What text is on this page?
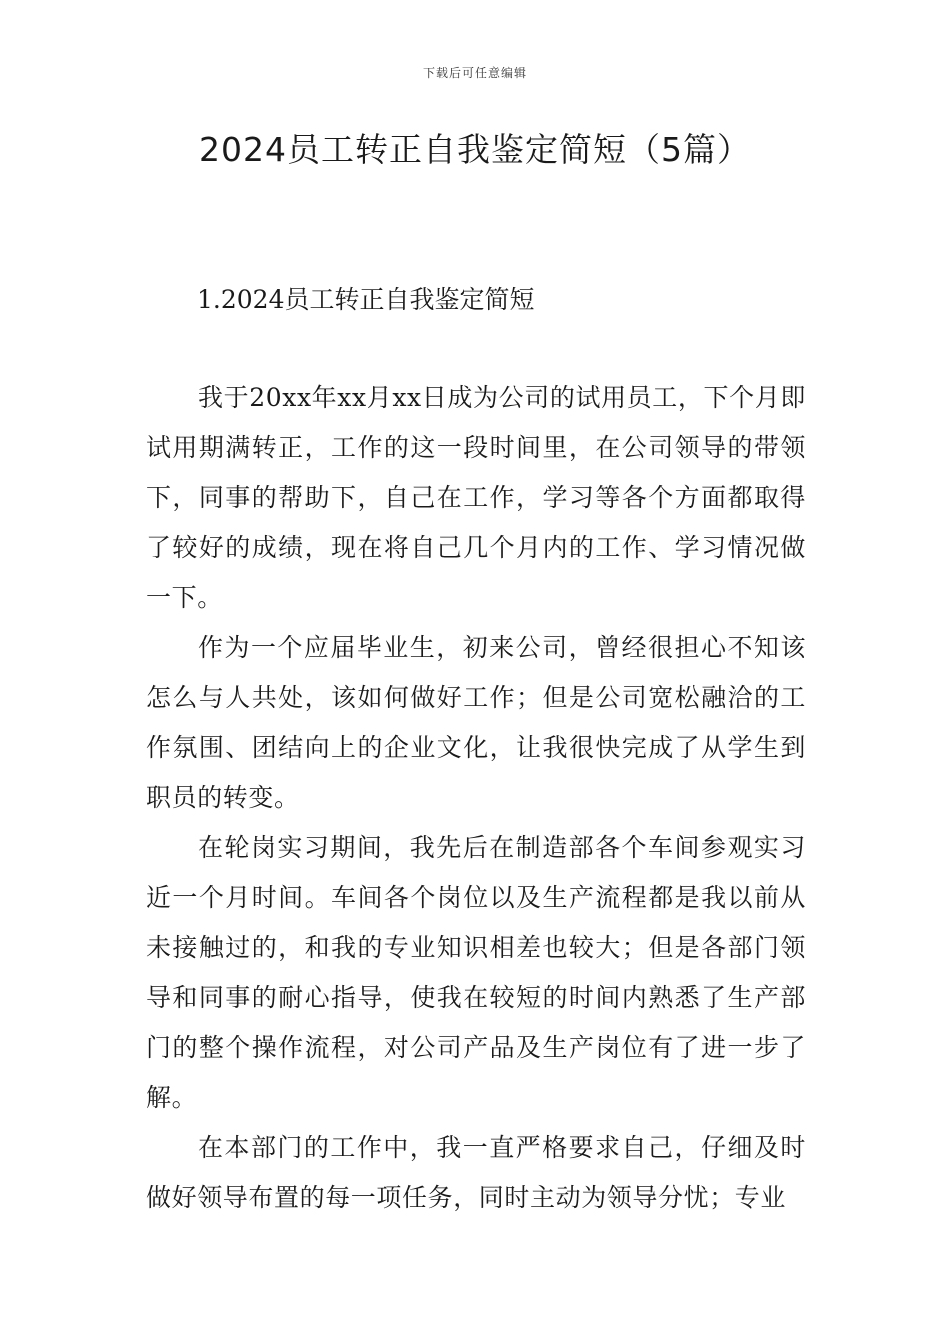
下载后可任意编辑
2024员工转正自我鉴定简短（5篇）
1.2024员工转正自我鉴定简短

我于20xx年xx月xx日成为公司的试用员工，下个月即试用期满转正，工作的这一段时间里，在公司领导的带领下，同事的帮助下，自己在工作，学习等各个方面都取得了较好的成绩，现在将自己几个月内的工作、学习情况做一下。

作为一个应届毕业生，初来公司，曾经很担心不知该怎么与人共处，该如何做好工作；但是公司宽松融洽的工作氛围、团结向上的企业文化，让我很快完成了从学生到职员的转变。

在轮岗实习期间，我先后在制造部各个车间参观实习近一个月时间。车间各个岗位以及生产流程都是我以前从未接触过的，和我的专业知识相差也较大；但是各部门领导和同事的耐心指导，使我在较短的时间内熟悉了生产部门的整个操作流程，对公司产品及生产岗位有了进一步了解。

在本部门的工作中，我一直严格要求自己，仔细及时做好领导布置的每一项任务，同时主动为领导分忧；专业
